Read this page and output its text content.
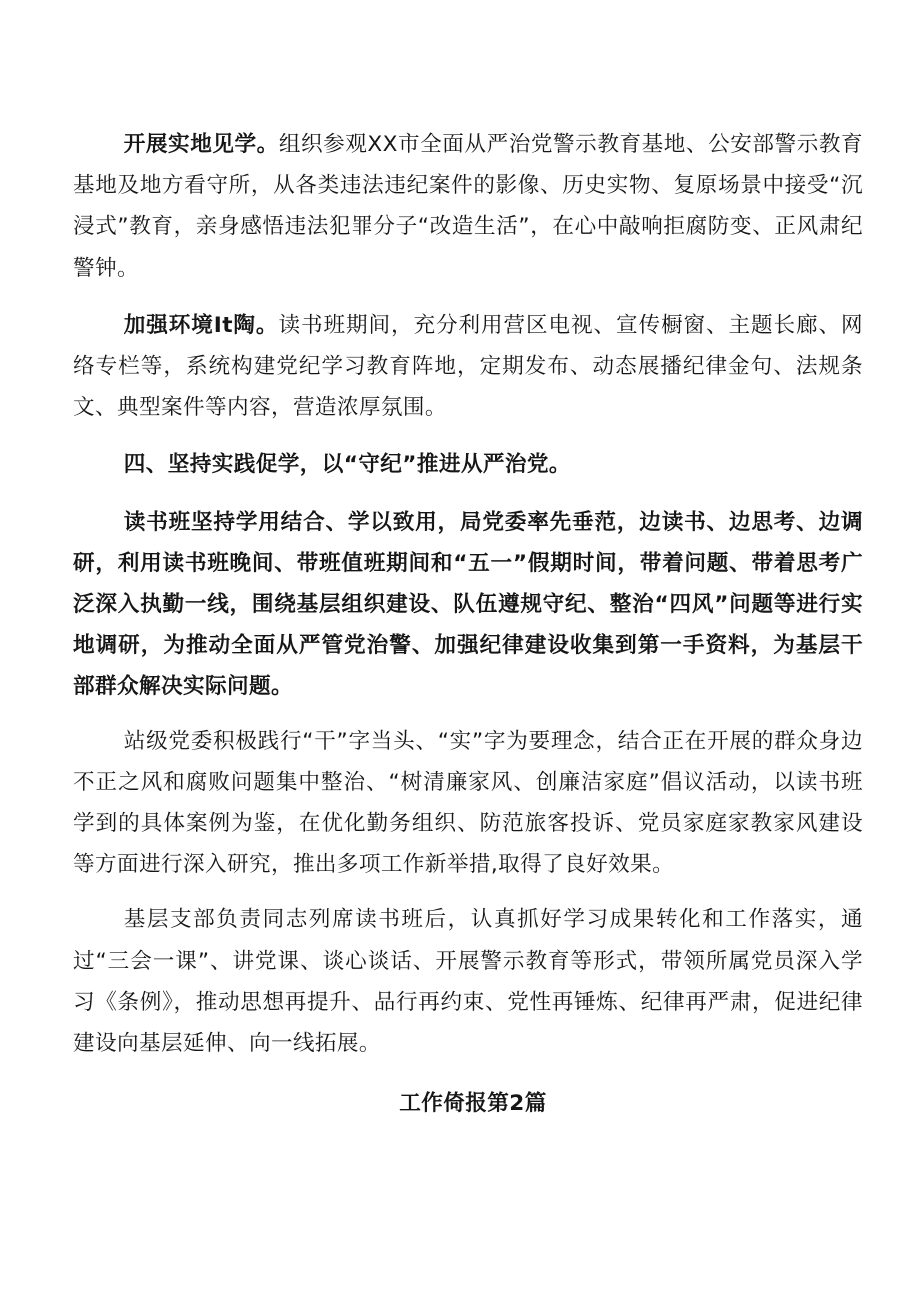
开展实地见学。组织参观XX市全面从严治党警示教育基地、公安部警示教育基地及地方看守所，从各类违法违纪案件的影像、历史实物、复原场景中接受“沉浸式”教育，亲身感悟违法犯罪分子“改造生活”，在心中敲响拒腐防变、正风肃纪警钟。

加强环境It陶。读书班期间，充分利用营区电视、宣传橱窗、主题长廊、网络专栏等，系统构建党纪学习教育阵地，定期发布、动态展播纪律金句、法规条文、典型案件等内容，营造浓厚氛围。

四、坚持实践促学，以“守纪”推进从严治党。

读书班坚持学用结合、学以致用，局党委率先垂范，边读书、边思考、边调研，利用读书班晚间、带班值班期间和“五一”假期时间，带着问题、带着思考广泛深入执勤一线，围绕基层组织建设、队伍遵规守纪、整治“四风”问题等进行实地调研，为推动全面从严管党治警、加强纪律建设收集到第一手资料，为基层干部群众解决实际问题。

站级党委积极践行“干”字当头、“实”字为要理念，结合正在开展的群众身边不正之风和腐败问题集中整治、“树清廉家风、创廉洁家庭”倡议活动，以读书班学到的具体案例为鉴，在优化勤务组织、防范旅客投诉、党员家庭家教家风建设等方面进行深入研究，推出多项工作新举措,取得了良好效果。

基层支部负责同志列席读书班后，认真抓好学习成果转化和工作落实，通过“三会一课”、讲党课、谈心谈话、开展警示教育等形式，带领所属党员深入学习《条例》，推动思想再提升、品行再约束、党性再锤炼、纪律再严肃，促进纪律建设向基层延伸、向一线拓展。

工作倚报第2篇
